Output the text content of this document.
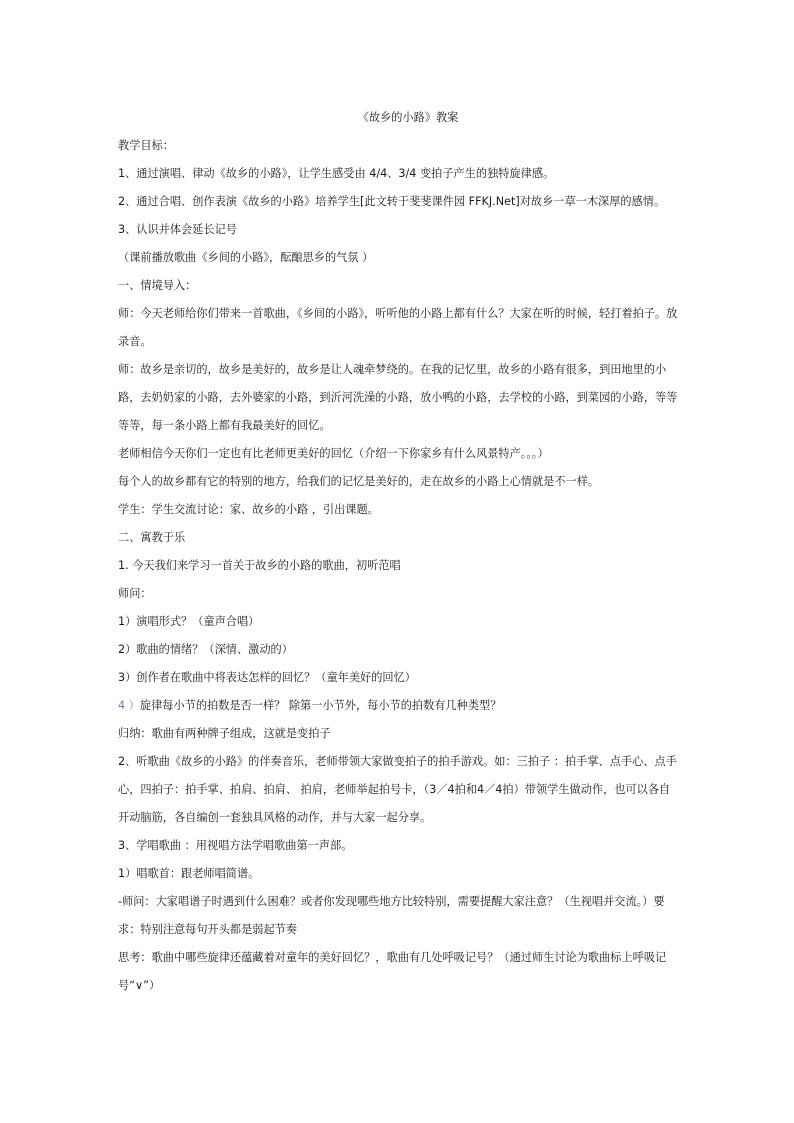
《故乡的小路》教案

教学目标：

1、通过演唱、律动《故乡的小路》，让学生感受由 4/4、3/4 变拍子产生的独特旋律感。

2、通过合唱、创作表演《故乡的小路》培养学生[此文转于斐斐课件园 FFKJ.Net]对故乡一草一木深厚的感情。

3、认识并体会延长记号

（课前播放歌曲《乡间的小路》，酝酿思乡的气氛 ）

一、情境导入：

师：今天老师给你们带来一首歌曲，《乡间的小路》，听听他的小路上都有什么？大家在听的时候，轻打着拍子。放录音。

师：故乡是亲切的，故乡是美好的，故乡是让人魂牵梦绕的。在我的记忆里，故乡的小路有很多，到田地里的小路，去奶奶家的小路，去外婆家的小路，到沂河洗澡的小路，放小鸭的小路，去学校的小路，到菜园的小路，等等等等，每一条小路上都有我最美好的回忆。

老师相信今天你们一定也有比老师更美好的回忆（介绍一下你家乡有什么风景特产。。。）

每个人的故乡都有它的特别的地方，给我们的记忆是美好的，走在故乡的小路上心情就是不一样。

学生：学生交流讨论：家、故乡的小路 ，引出课题。

二、寓教于乐

1. 今天我们来学习一首关于故乡的小路的歌曲，初听范唱

师问：

1）演唱形式？（童声合唱）

2）歌曲的情绪？（深情、激动的）

3）创作者在歌曲中将表达怎样的回忆？（童年美好的回忆）

4 ）旋律每小节的拍数是否一样？ 除第一小节外，每小节的拍数有几种类型？

归纳：歌曲有两种牌子组成，这就是变拍子

2、听歌曲《故乡的小路》的伴奏音乐，老师带领大家做变拍子的拍手游戏。如：三拍子 ：拍手掌、点手心、点手心，四拍子：拍手掌、拍肩、拍肩、 拍肩，老师举起拍号卡，（3／4拍和4／4拍）带领学生做动作，也可以各自开动脑筋，各自编创一套独具风格的动作，并与大家一起分享。

3、学唱歌曲 ：用视唱方法学唱歌曲第一声部。

1）唱歌首：跟老师唱简谱。

-师问：大家唱谱子时遇到什么困难？或者你发现哪些地方比较特别，需要提醒大家注意？（生视唱并交流。）要求：特别注意每句开头都是弱起节奏

思考：歌曲中哪些旋律还蕴藏着对童年的美好回忆？，歌曲有几处呼吸记号？（通过师生讨论为歌曲标上呼吸记号“∨”）
